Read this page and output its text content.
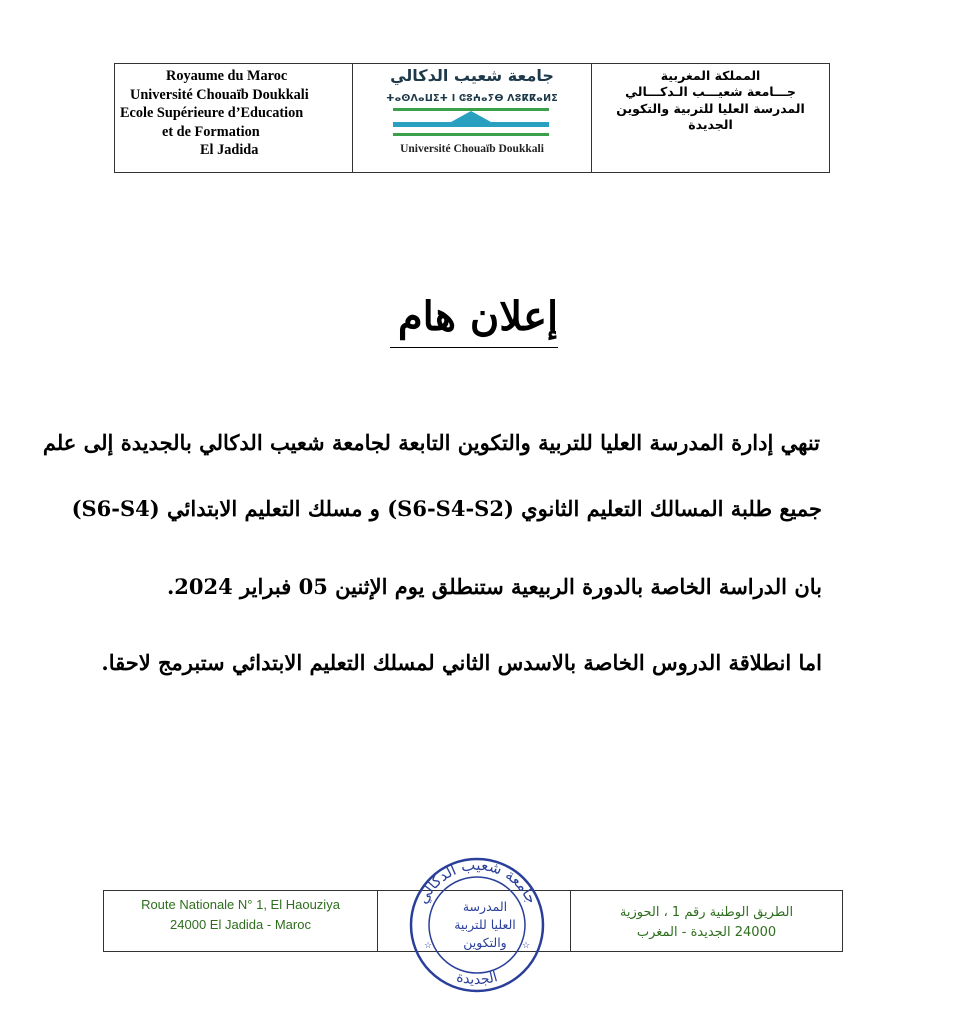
Royaume du Maroc
Université Chouaïb Doukkali
Ecole Supérieure d’Education
et de Formation
El Jadida
جامعة شعيب الدكالي
ⵜⴰⵙⴷⴰⵡⵉⵜ ⵏ ⵛⵓⵄⴰⵢⴱ ⴷⵓⴽⴽⴰⵍⵉ
Université Chouaïb Doukkali
المملكة المغربية
جـــامعة شعيـــب الـدكـــالي
المدرسة العليا للتربية والتكوين
الجديدة
إعلان هام
تنهي إدارة المدرسة العليا للتربية والتكوين التابعة لجامعة شعيب الدكالي بالجديدة إلى علم
جميع طلبة المسالك التعليم الثانوي (S6-S4-S2) و مسلك التعليم الابتدائي (S6-S4)
بان الدراسة الخاصة بالدورة الربيعية ستنطلق يوم الإثنين 05 فبراير 2024.
اما انطلاقة الدروس الخاصة بالاسدس الثاني لمسلك التعليم الابتدائي ستبرمج لاحقا.
Route Nationale N° 1, El Haouziya
24000 El Jadida - Maroc
الطريق الوطنية رقم 1 ، الحوزية
24000 الجديدة - المغرب
جامعة شعيب الدكالي
الجديدة
☆	☆
المدرسة
العليا للتربية
والتكوين
